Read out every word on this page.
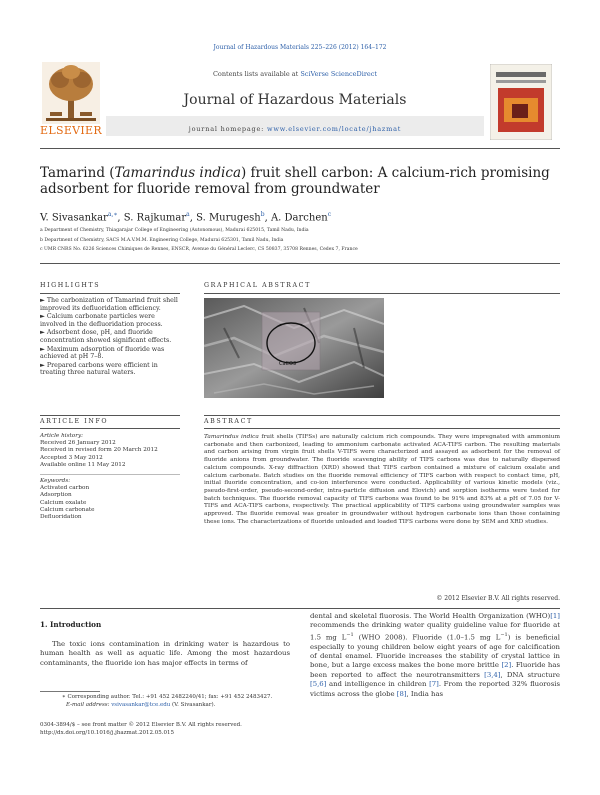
Journal of Hazardous Materials 225–226 (2012) 164–172
ELSEVIER
Contents lists available at SciVerse ScienceDirect
Journal of Hazardous Materials
journal homepage: www.elsevier.com/locate/jhazmat
Tamarind (Tamarindus indica) fruit shell carbon: A calcium-rich promising adsorbent for fluoride removal from groundwater
V. Sivasankar$^{a,∗}$, S. Rajkumar$^a$, S. Murugesh$^b$, A. Darchen$^c$
a Department of Chemistry, Thiagarajar College of Engineering (Autonomous), Madurai 625015, Tamil Nadu, India
b Department of Chemistry, SACS M.A.V.M.M. Engineering College, Madurai 625301, Tamil Nadu, India
c UMR CNRS No. 6226 Sciences Chimiques de Rennes, ENSCR, Avenue du Général Leclerc, CS 50837, 35708 Rennes, Cedex 7, France
HIGHLIGHTS
► The carbonization of Tamarind fruit shell improved its defluoridation efficiency.
► Calcium carbonate particles were involved in the defluoridation process.
► Adsorbent dose, pH, and fluoride concentration showed significant effects.
► Maximum adsorption of fluoride was achieved at pH 7–8.
► Prepared carbons were efficient in treating three natural waters.
GRAPHICAL ABSTRACT
CaCO3
ARTICLE INFO
Article history:
Received 26 January 2012
Received in revised form 20 March 2012
Accepted 3 May 2012
Available online 11 May 2012
Keywords:
Activated carbon
Adsorption
Calcium oxalate
Calcium carbonate
Defluoridation
ABSTRACT
Tamarindus indica fruit shells (TIFSs) are naturally calcium rich compounds. They were impregnated with ammonium carbonate and then carbonized, leading to ammonium carbonate activated ACA-TIFS carbon. The resulting materials and carbon arising from virgin fruit shells V-TIFS were characterized and assayed as adsorbent for the removal of fluoride anions from groundwater. The fluoride scavenging ability of TIFS carbons was due to naturally dispersed calcium compounds. X-ray diffraction (XRD) showed that TIFS carbon contained a mixture of calcium oxalate and calcium carbonate. Batch studies on the fluoride removal efficiency of TIFS carbon with respect to contact time, pH, initial fluoride concentration, and co-ion interference were conducted. Applicability of various kinetic models (viz., pseudo-first-order, pseudo-second-order, intra-particle diffusion and Elovich) and sorption isotherms were tested for batch techniques. The fluoride removal capacity of TIFS carbons was found to be 91% and 83% at a pH of 7.05 for V-TIFS and ACA-TIFS carbons, respectively. The practical applicability of TIFS carbons using groundwater samples was approved. The fluoride removal was greater in groundwater without hydrogen carbonate ions than those containing these ions. The characterizations of fluoride unloaded and loaded TIFS carbons were done by SEM and XRD studies.
© 2012 Elsevier B.V. All rights reserved.
1. Introduction
The toxic ions contamination in drinking water is hazardous to human health as well as aquatic life. Among the most hazardous contaminants, the fluoride ion has major effects in terms of
dental and skeletal fluorosis. The World Health Organization (WHO)[1] recommends the drinking water quality guideline value for fluoride at 1.5 mg $L^{-1}$ (WHO 2008). Fluoride (1.0–1.5 mg $L^{-1}$) is beneficial especially to young children below eight years of age for calcification of dental enamel. Fluoride increases the stability of crystal lattice in bone, but a large excess makes the bone more brittle [2]. Fluoride has been reported to affect the neurotransmitters [3,4], DNA structure [5,6] and intelligence in children [7]. From the reported 32% fluorosis victims across the globe [8], India has
∗ Corresponding author. Tel.: +91 452 2482240/41; fax: +91 452 2483427.
E-mail address: vsivasankar@tce.edu (V. Sivasankar).
0304-3894/$ – see front matter © 2012 Elsevier B.V. All rights reserved.
http://dx.doi.org/10.1016/j.jhazmat.2012.05.015
